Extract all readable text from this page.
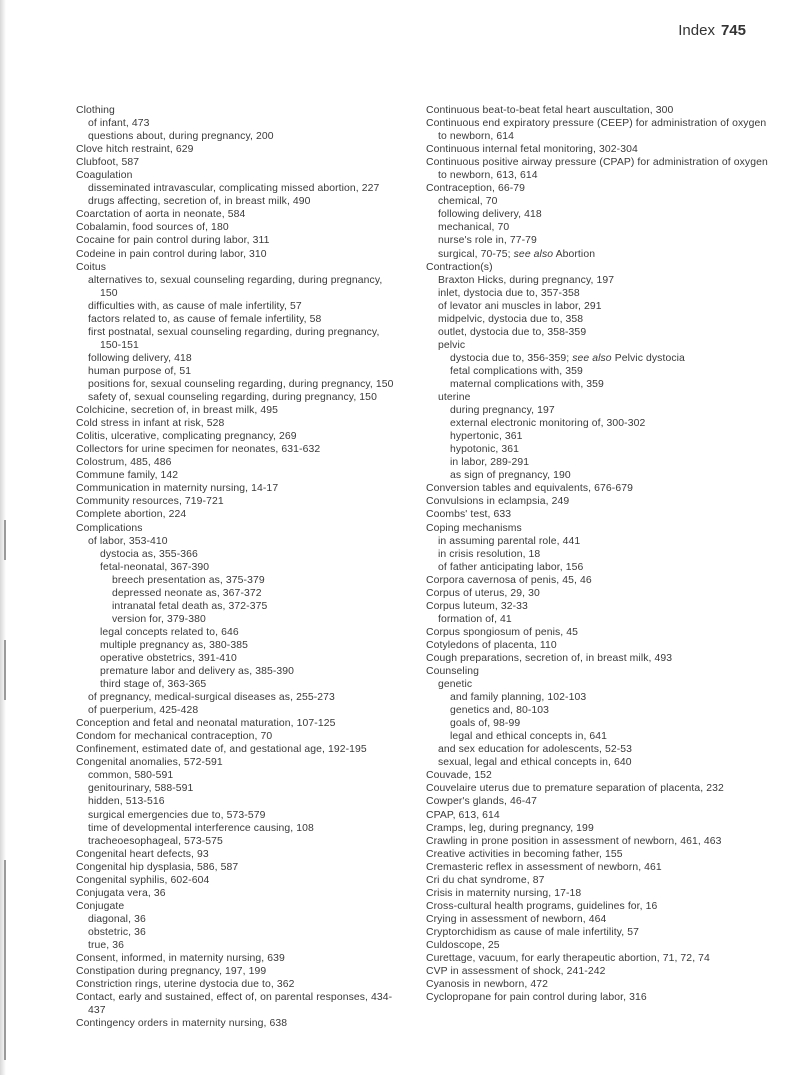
Index 745
Clothing
of infant, 473
questions about, during pregnancy, 200
Clove hitch restraint, 629
Clubfoot, 587
Coagulation
disseminated intravascular, complicating missed abortion, 227
drugs affecting, secretion of, in breast milk, 490
Coarctation of aorta in neonate, 584
Cobalamin, food sources of, 180
Cocaine for pain control during labor, 311
Codeine in pain control during labor, 310
Coitus
alternatives to, sexual counseling regarding, during pregnancy, 150
difficulties with, as cause of male infertility, 57
factors related to, as cause of female infertility, 58
first postnatal, sexual counseling regarding, during pregnancy, 150-151
following delivery, 418
human purpose of, 51
positions for, sexual counseling regarding, during pregnancy, 150
safety of, sexual counseling regarding, during pregnancy, 150
Colchicine, secretion of, in breast milk, 495
Cold stress in infant at risk, 528
Colitis, ulcerative, complicating pregnancy, 269
Collectors for urine specimen for neonates, 631-632
Colostrum, 485, 486
Commune family, 142
Communication in maternity nursing, 14-17
Community resources, 719-721
Complete abortion, 224
Complications
of labor, 353-410
dystocia as, 355-366
fetal-neonatal, 367-390
breech presentation as, 375-379
depressed neonate as, 367-372
intranatal fetal death as, 372-375
version for, 379-380
legal concepts related to, 646
multiple pregnancy as, 380-385
operative obstetrics, 391-410
premature labor and delivery as, 385-390
third stage of, 363-365
of pregnancy, medical-surgical diseases as, 255-273
of puerperium, 425-428
Conception and fetal and neonatal maturation, 107-125
Condom for mechanical contraception, 70
Confinement, estimated date of, and gestational age, 192-195
Congenital anomalies, 572-591
common, 580-591
genitourinary, 588-591
hidden, 513-516
surgical emergencies due to, 573-579
time of developmental interference causing, 108
tracheoesophageal, 573-575
Congenital heart defects, 93
Congenital hip dysplasia, 586, 587
Congenital syphilis, 602-604
Conjugata vera, 36
Conjugate
diagonal, 36
obstetric, 36
true, 36
Consent, informed, in maternity nursing, 639
Constipation during pregnancy, 197, 199
Constriction rings, uterine dystocia due to, 362
Contact, early and sustained, effect of, on parental responses, 434-437
Contingency orders in maternity nursing, 638
Continuous beat-to-beat fetal heart auscultation, 300
Continuous end expiratory pressure (CEEP) for administration of oxygen to newborn, 614
Continuous internal fetal monitoring, 302-304
Continuous positive airway pressure (CPAP) for administration of oxygen to newborn, 613, 614
Contraception, 66-79
chemical, 70
following delivery, 418
mechanical, 70
nurse's role in, 77-79
surgical, 70-75; see also Abortion
Contraction(s)
Braxton Hicks, during pregnancy, 197
inlet, dystocia due to, 357-358
of levator ani muscles in labor, 291
midpelvic, dystocia due to, 358
outlet, dystocia due to, 358-359
pelvic
dystocia due to, 356-359; see also Pelvic dystocia
fetal complications with, 359
maternal complications with, 359
uterine
during pregnancy, 197
external electronic monitoring of, 300-302
hypertonic, 361
hypotonic, 361
in labor, 289-291
as sign of pregnancy, 190
Conversion tables and equivalents, 676-679
Convulsions in eclampsia, 249
Coombs' test, 633
Coping mechanisms
in assuming parental role, 441
in crisis resolution, 18
of father anticipating labor, 156
Corpora cavernosa of penis, 45, 46
Corpus of uterus, 29, 30
Corpus luteum, 32-33
formation of, 41
Corpus spongiosum of penis, 45
Cotyledons of placenta, 110
Cough preparations, secretion of, in breast milk, 493
Counseling
genetic
and family planning, 102-103
genetics and, 80-103
goals of, 98-99
legal and ethical concepts in, 641
and sex education for adolescents, 52-53
sexual, legal and ethical concepts in, 640
Couvade, 152
Couvelaire uterus due to premature separation of placenta, 232
Cowper's glands, 46-47
CPAP, 613, 614
Cramps, leg, during pregnancy, 199
Crawling in prone position in assessment of newborn, 461, 463
Creative activities in becoming father, 155
Cremasteric reflex in assessment of newborn, 461
Cri du chat syndrome, 87
Crisis in maternity nursing, 17-18
Cross-cultural health programs, guidelines for, 16
Crying in assessment of newborn, 464
Cryptorchidism as cause of male infertility, 57
Culdoscope, 25
Curettage, vacuum, for early therapeutic abortion, 71, 72, 74
CVP in assessment of shock, 241-242
Cyanosis in newborn, 472
Cyclopropane for pain control during labor, 316
